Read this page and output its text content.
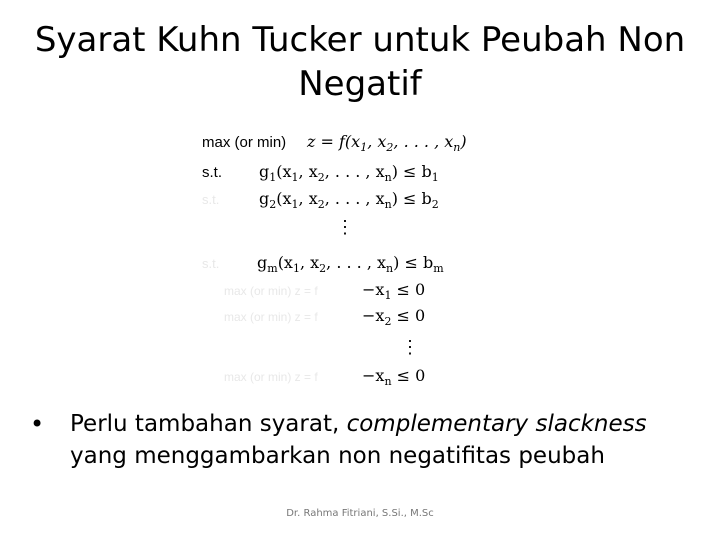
Syarat Kuhn Tucker untuk Peubah Non
Negatif
max (or min) $z = f(x_1$, $x_2$, . . . , $x_n$)
s.t. $g_1(x_1$, $x_2$, . . . , $x_n) \le b_1$
s.t. $g_2(x_1$, $x_2$, . . . , $x_n) \le b_2$
⋮
s.t. $g_m(x_1$, $x_2$, . . . , $x_n) \le b_m$
max (or min) z = f	$-x_1 \le 0$
max (or min) z = f	$-x_2 \le 0$
⋮
max (or min) z = f	$-x_n \le 0$
•	Perlu tambahan syarat, complementary slackness
yang menggambarkan non negatifitas peubah
Dr. Rahma Fitriani, S.Si., M.Sc
